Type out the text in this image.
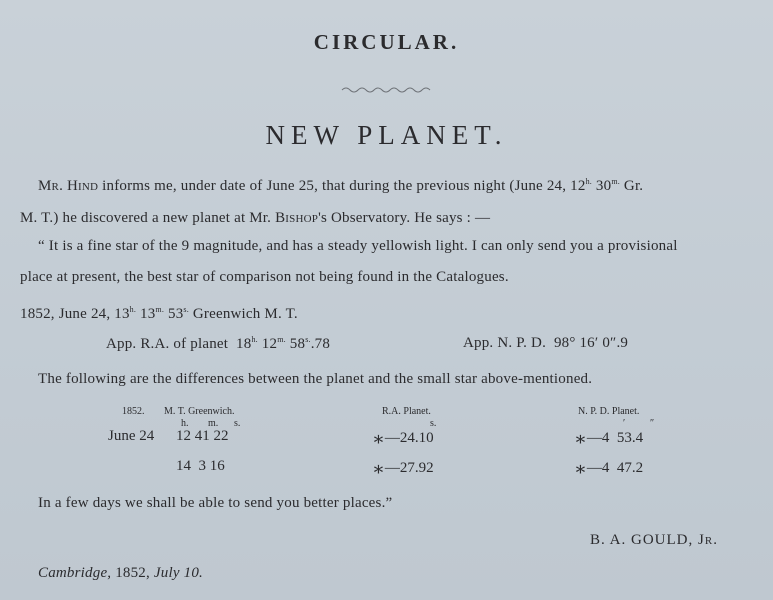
CIRCULAR.
NEW PLANET.
Mr. Hind informs me, under date of June 25, that during the previous night (June 24, $12^{h.}$ $30^{m.}$ Gr.
M. T.) he discovered a new planet at Mr. Bishop's Observatory. He says : —
“ It is a fine star of the 9 magnitude, and has a steady yellowish light. I can only send you a provisional
place at present, the best star of comparison not being found in the Catalogues.
1852, June 24, $13^{h.}$ $13^{m.}$ $53^{s.}$ Greenwich M. T.
App. R.A. of planet $18^{h.}$ $12^{m.}$ $58^{s.}.78$	App. N. P. D. 98° 16′ 0″.9
The following are the differences between the planet and the small star above-mentioned.
1852. M. T. Greenwich.	R.A. Planet.	N. P. D. Planet.
h. m. s.	s.	′ ″
June 24 12 41 22	∗—24.10	∗—4  53.4
14  3 16	∗—27.92	∗—4  47.2
In a few days we shall be able to send you better places.”
B. A. GOULD, Jr.
Cambridge, 1852, July 10.
